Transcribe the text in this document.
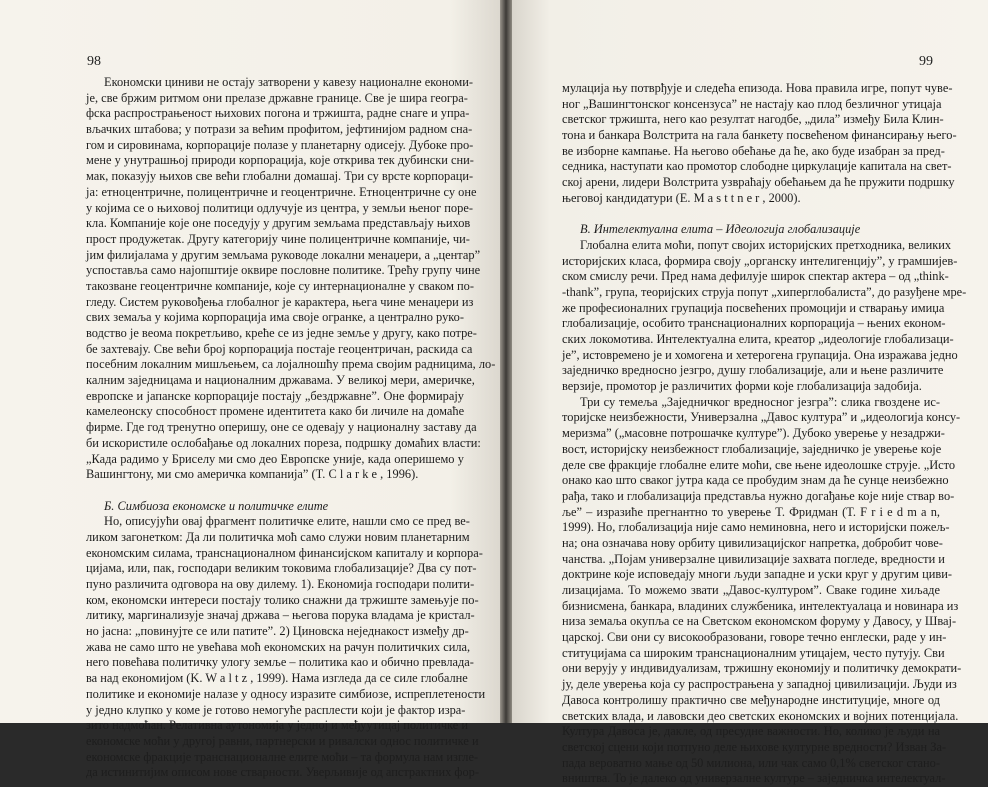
98
Економски циниви не остају затворени у кавезу националне економи-
је, све бржим ритмом они прелазе државне границе. Све је шира геогра-
фска распрострањеност њихових погона и тржишта, радне снаге и упра-
вљачких штабова; у потрази за већим профитом, јефтинијом радном сна-
гом и сировинама, корпорације полазе у планетарну одисеју. Дубоке про-
мене у унутрашњој природи корпорација, које открива тек дубински сни-
мак, показују њихов све већи глобални домашај. Три су врсте корпораци-
ја: етноцентричне, полицентричне и геоцентричне. Етноцентричне су оне
у којима се о њиховој политици одлучује из центра, у земљи њеног поре-
кла. Компаније које оне поседују у другим земљама представљају њихов
прост продужетак. Другу категорију чине полицентричне компаније, чи-
јим филијалама у другим земљама руководе локални менаџери, а „центар”
успоставља само најопштије оквире пословне политике. Трећу групу чине
такозване геоцентричне компаније, које су интернационалне у сваком по-
гледу. Систем руковођења глобалног је карактера, њега чине менаџери из
свих земаља у којима корпорација има своје огранке, а централно руко-
водство је веома покретљиво, креће се из једне земље у другу, како потре-
бе захтевају. Све већи број корпорација постаје геоцентричан, раскида са
посебним локалним мишљењем, са лојалношћу према својим радницима, ло-
калним заједницама и националним државама. У великој мери, америчке,
европске и јапанске корпорације постају „бездржавне”. Оне формирају
камелеонску способност промене идентитета како би личиле на домаће
фирме. Где год тренутно оперишу, оне се одевају у националну заставу да
би искористиле ослобађање од локалних пореза, подршку домаћих власти:
„Када радимо у Бриселу ми смо део Европске уније, када оперишемо у
Вашингтону, ми смо америчка компанија” (T. C l a r k e , 1996).
Б. Симбиоза економске и политичке елите
Но, описујући овај фрагмент политичке елите, нашли смо се пред ве-
ликом загонетком: Да ли политичка моћ само служи новим планетарним
економским силама, транснационалном финансијском капиталу и корпора-
цијама, или, пак, господари великим токовима глобализације? Два су пот-
пуно различита одговора на ову дилему. 1). Економија господари полити-
ком, економски интереси постају толико снажни да тржиште замењује по-
литику, маргинализује значај државa – његова порука владама је кристал-
но јасна: „повинујте се или патите”. 2) Циновска неједнакост између др-
жава не само што не увећава моћ економских на рачун политичких сила,
него повећава политичку улогу земље – политика као и обично превлада-
ва над економијом (K. W a l t z , 1999). Нама изгледа да се силе глобалне
политике и економије налазе у односу изразите симбиозе, испреплетености
у једно клупко у коме је готово немогуће расплести који је фактор изра-
зито надмоћан. Релативна аутономија у једној и међуутицај политичке и
економске моћи у другој равни, партнерски и ривалски однос политичке и
економске фракције транснационалне елите моћи – та формула нам изгле-
да истинитијим описом нове стварности. Уверљивије од апстрактних фор-
99
мулација њу потврђује и следећа епизода. Нова правила игре, попут чуве-
ног „Вашингтонског консензуса” не настају као плод безличног утицаја
светског тржишта, него као резултат нагодбе, „дила” између Била Клин-
тона и банкара Волстрита на гала банкету посвећеном финансирању њего-
ве изборне кампање. На његово обећање да ће, ако буде изабран за пред-
седника, наступати као промотор слободне циркулације капитала на свет-
ској арени, лидери Волстрита узвраћају обећањем да ће пружити подршку
његовој кандидатури (E. M a s t t n e r , 2000).
В. Интелектуална елита – Идеологија глобализације
Глобална елита моћи, попут својих историјских претходника, великих
историјских класа, формира своју „органску интелигенцију”, у грамшијев-
ском смислу речи. Пред нама дефилује широк спектар актера – од „think-
-thank”, група, теоријских струја попут „хиперглобалиста”, до разуђене мре-
же професионалних групација посвећених промоцији и стварању имиџа
глобализације, особито транснационалних корпорација – њених економ-
ских локомотива. Интелектуална елита, креатор „идеологије глобализаци-
је”, истовремено је и хомогена и хетерогена групација. Она изражава једно
заједничко вредносно језгро, душу глобализације, али и њене различите
верзије, промотор је различитих форми које глобализација задобија.
Три су темеља „Заједничког вредносног језгра”: слика гвоздене ис-
торијске неизбежности, Универзална „Давос култура” и „идеологија консу-
меризма” („масовне потрошачке културе”). Дубоко уверење у незадржи-
вост, историјску неизбежност глобализације, заједничко је уверење које
деле све фракције глобалне елите моћи, све њене идеолошке струје. „Исто
онако као што сваког јутра када се пробудим знам да ће сунце неизбежно
рађа, тако и глобализација представља нужно догађање које није ствар во-
ље” – изразиће прегнантно то уверење T. Фридман (T. F r i e d m a n,
1999). Но, глобализација није само неминовна, него и историјски пожељ-
на; она означава нову орбиту цивилизацијског напретка, добробит чове-
чанства. „Појам универзалне цивилизације захвата погледе, вредности и
доктрине које исповедају многи људи западне и уски круг у другим циви-
лизацијама. То можемо звати „Давос-културом”. Сваке године хиљаде
бизнисмена, банкара, владиних службеника, интелектуалаца и новинара из
низа земаља окупља се на Светском економском форуму у Давосу, у Швај-
царској. Сви они су високообразовани, говоре течно енглески, раде у ин-
ституцијама са широким транснационалним утицајем, често путују. Сви
они верују у индивидуализам, тржишну економију и политичку демократи-
ју, деле уверења која су распрострањена у западној цивилизацији. Људи из
Давоса контролишу практично све међународне институције, многе од
светских влада, и лавовски део светских економских и војних потенцијала.
Култура Давоса је, дакле, од пресудне важности. Но, колико је људи на
светској сцени који потпуно деле њихове културне вредности? Изван За-
пада вероватно мање од 50 милиона, или чак само 0,1% светског стано-
вништва. То је далеко од универзалне културе – заједничка интелектуал-
